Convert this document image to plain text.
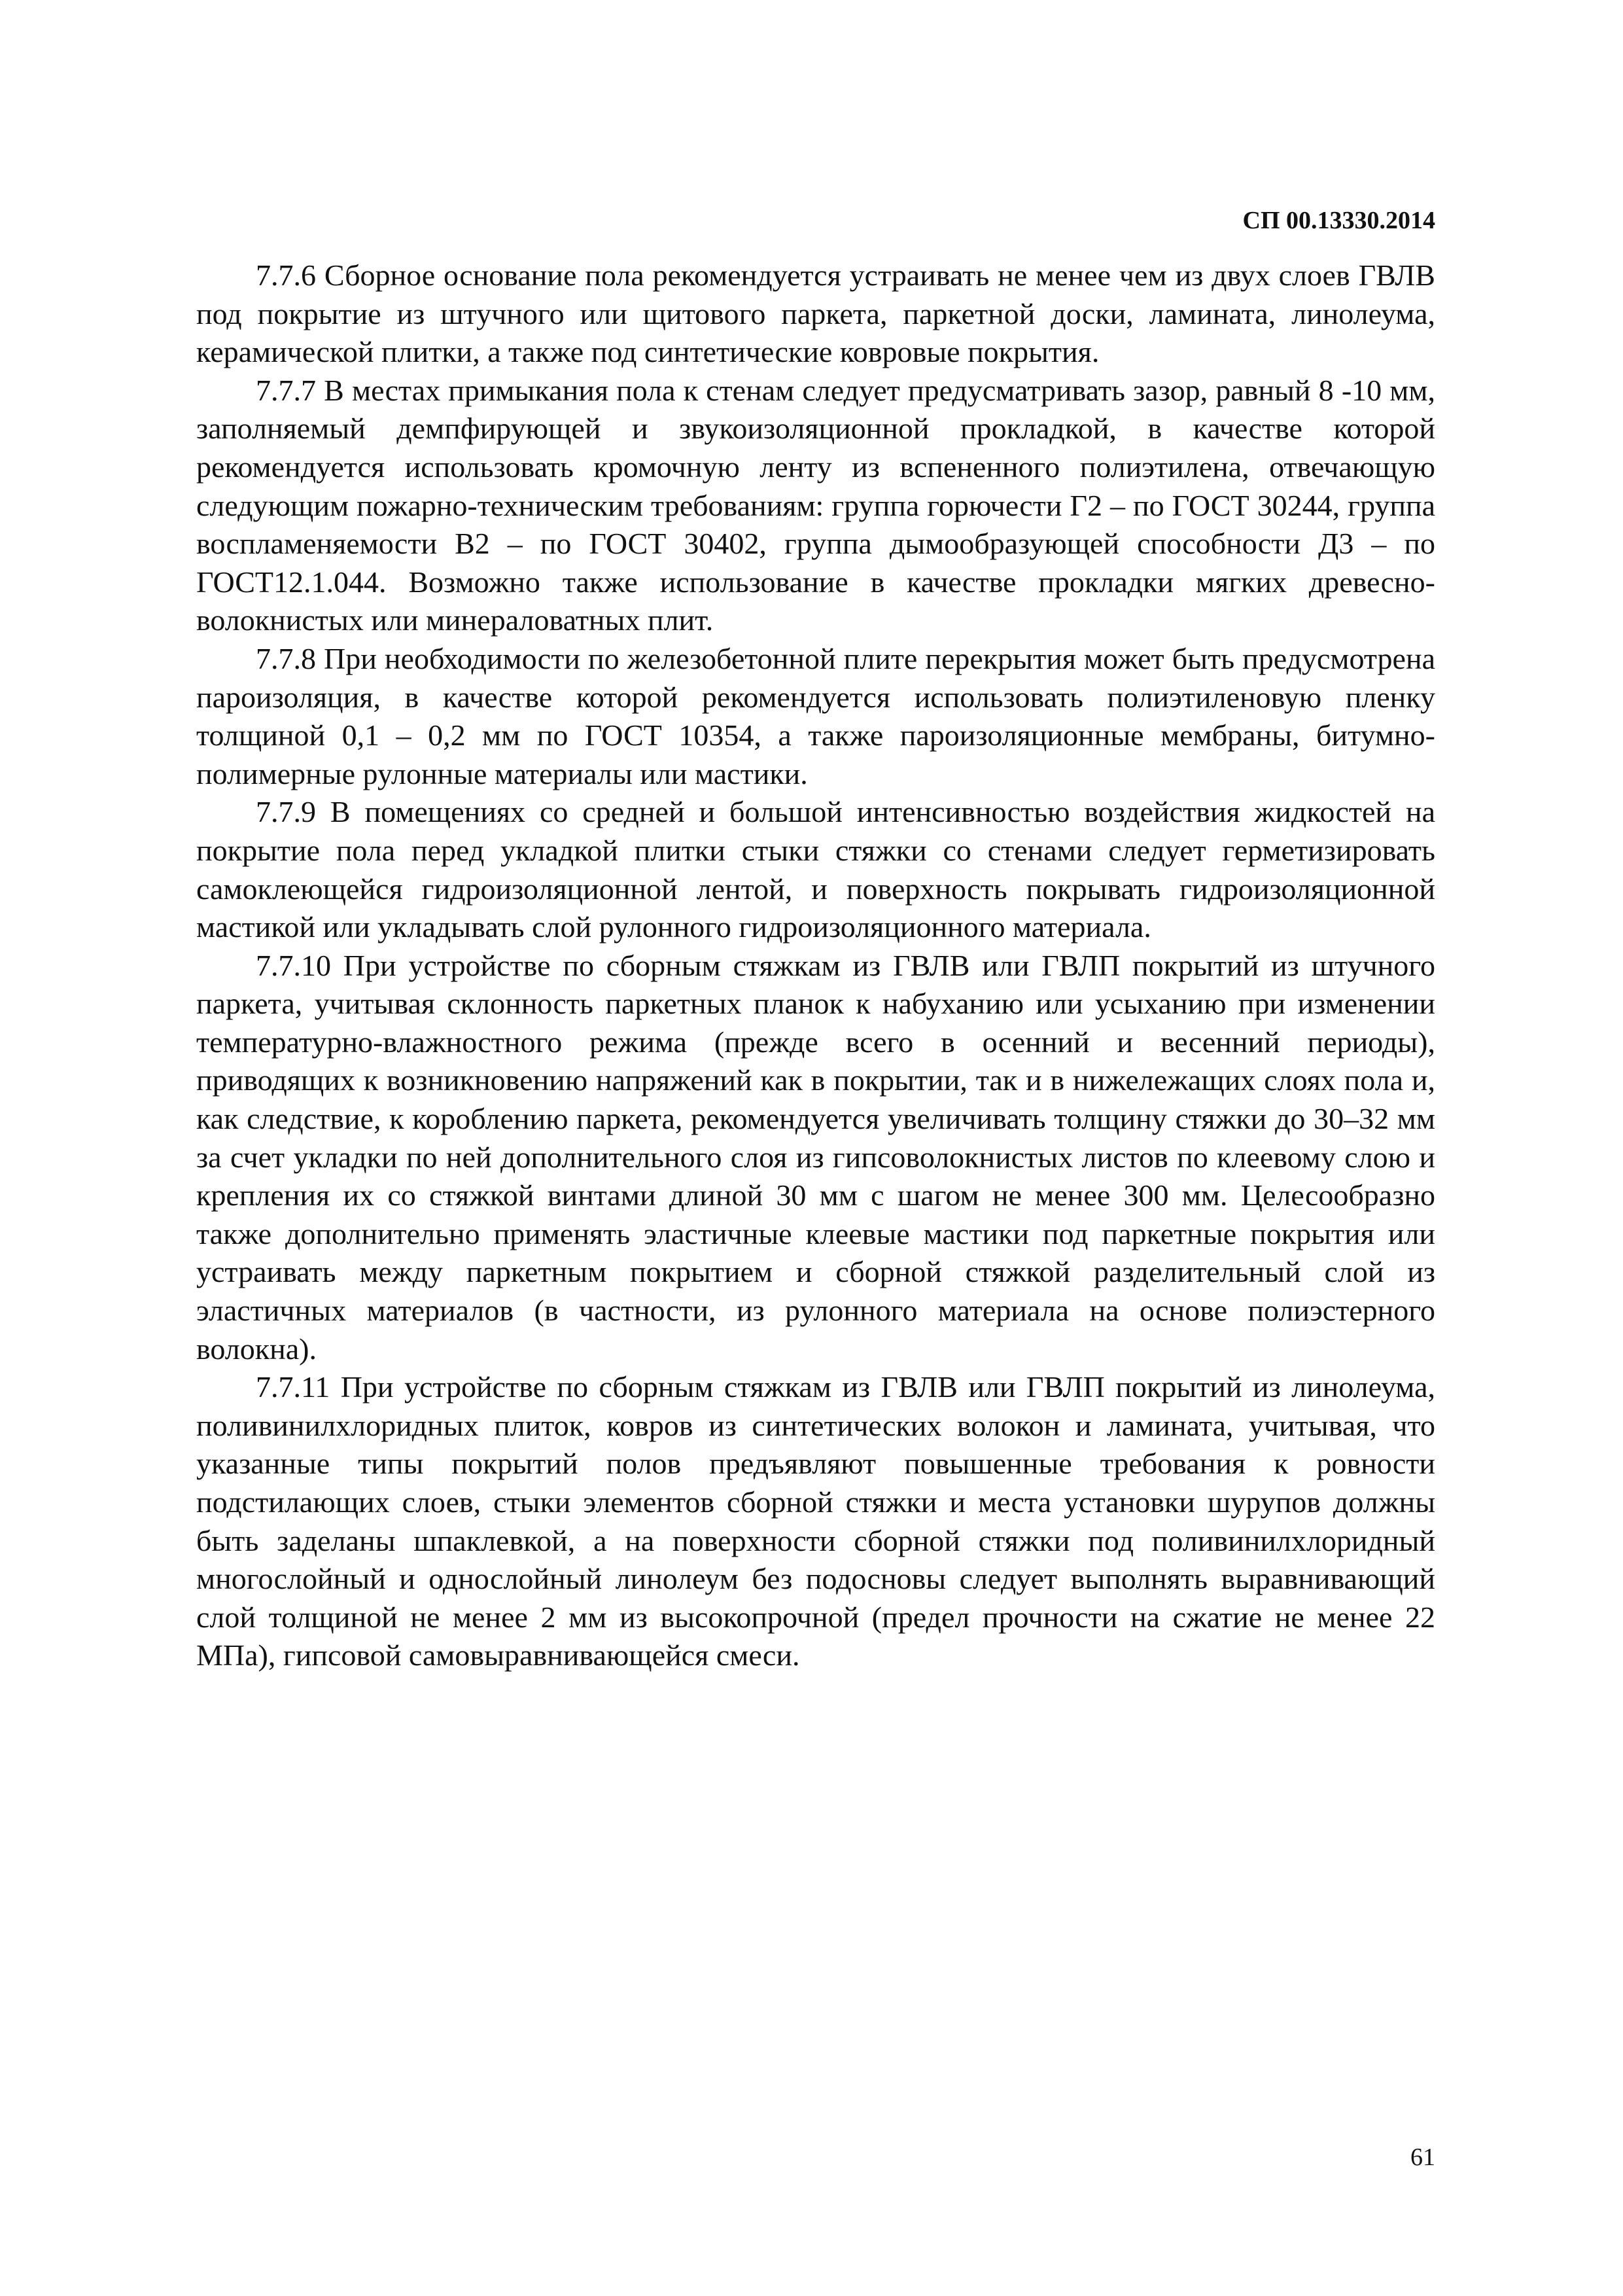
СП 00.13330.2014

7.7.6 Сборное основание пола рекомендуется устраивать не менее чем из двух слоев ГВЛВ под покрытие из штучного или щитового паркета, паркетной доски, ламината, линолеума, керамической плитки, а также под синтетические ковровые покрытия.

7.7.7 В местах примыкания пола к стенам следует предусматривать зазор, равный 8 -10 мм, заполняемый демпфирующей и звукоизоляционной прокладкой, в качестве которой рекомендуется использовать кромочную ленту из вспененного полиэтилена, отвечающую следующим пожарно-техническим требованиям: группа горючести Г2 – по ГОСТ 30244, группа воспламеняемости В2 – по ГОСТ 30402, группа дымообразующей способности Д3 – по ГОСТ12.1.044. Возможно также использование в качестве прокладки мягких древесно-волокнистых или минераловатных плит.

7.7.8 При необходимости по железобетонной плите перекрытия может быть предусмотрена пароизоляция, в качестве которой рекомендуется использовать полиэтиленовую пленку толщиной 0,1 – 0,2 мм по ГОСТ 10354, а также пароизоляционные мембраны, битумно-полимерные рулонные материалы или мастики.

7.7.9 В помещениях со средней и большой интенсивностью воздействия жидкостей на покрытие пола перед укладкой плитки стыки стяжки со стенами следует герметизировать самоклеющейся гидроизоляционной лентой, и поверхность покрывать гидроизоляционной мастикой или укладывать слой рулонного гидроизоляционного материала.

7.7.10 При устройстве по сборным стяжкам из ГВЛВ или ГВЛП покрытий из штучного паркета, учитывая склонность паркетных планок к набуханию или усыханию при изменении температурно-влажностного режима (прежде всего в осенний и весенний периоды), приводящих к возникновению напряжений как в покрытии, так и в нижележащих слоях пола и, как следствие, к короблению паркета, рекомендуется увеличивать толщину стяжки до 30–32 мм за счет укладки по ней дополнительного слоя из гипсоволокнистых листов по клеевому слою и крепления их со стяжкой винтами длиной 30 мм с шагом не менее 300 мм. Целесообразно также дополнительно применять эластичные клеевые мастики под паркетные покрытия или устраивать между паркетным покрытием и сборной стяжкой разделительный слой из эластичных материалов (в частности, из рулонного материала на основе полиэстерного волокна).

7.7.11 При устройстве по сборным стяжкам из ГВЛВ или ГВЛП покрытий из линолеума, поливинилхлоридных плиток, ковров из синтетических волокон и ламината, учитывая, что указанные типы покрытий полов предъявляют повышенные требования к ровности подстилающих слоев, стыки элементов сборной стяжки и места установки шурупов должны быть заделаны шпаклевкой, а на поверхности сборной стяжки под поливинилхлоридный многослойный и однослойный линолеум без подосновы следует выполнять выравнивающий слой толщиной не менее 2 мм из высокопрочной (предел прочности на сжатие не менее 22 МПа), гипсовой самовыравнивающейся смеси.

61
